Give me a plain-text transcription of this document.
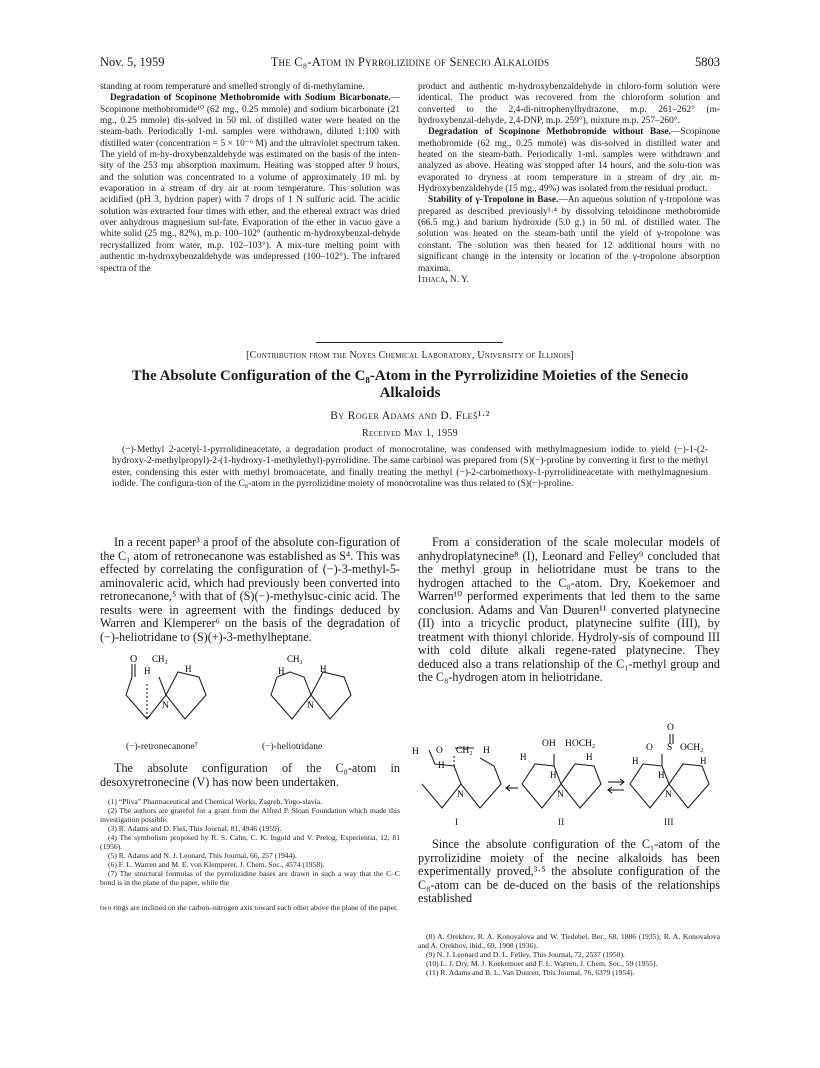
Nov. 5, 1959	The C₈-Atom in Pyrrolizidine of Senecio Alkaloids	5803

standing at room temperature and smelled strongly of di-methylamine.

Degradation of Scopinone Methobromide with Sodium Bicarbonate.—Scopinone methobromide¹⁰ (62 mg., 0.25 mmole) and sodium bicarbonate (21 mg., 0.25 mmole) dis-solved in 50 ml. of distilled water were heated on the steam-bath. Periodically 1-ml. samples were withdrawn, diluted 1:100 with distilled water (concentration = 5 × 10⁻⁶ M) and the ultraviolet spectrum taken. The yield of m-hy-droxybenzaldehyde was estimated on the basis of the inten-sity of the 253 mμ absorption maximum. Heating was stopped after 9 hours, and the solution was concentrated to a volume of approximately 10 ml. by evaporation in a stream of dry air at room temperature. This solution was acidified (pH 3, hydrion paper) with 7 drops of 1 N sulfuric acid. The acidic solution was extracted four times with ether, and the ethereal extract was dried over anhydrous magnesium sul-fate. Evaporation of the ether in vacuo gave a white solid (25 mg., 82%), m.p. 100–102° (authentic m-hydroxybenzal-dehyde recrystallized from water, m.p. 102–103°). A mix-ture melting point with authentic m-hydroxybenzaldehyde was undepressed (100–102°). The infrared spectra of the

product and authentic m-hydroxybenzaldehyde in chloro-form solution were identical. The product was recovered from the chloroform solution and converted to the 2,4-di-nitrophenylhydrazone, m.p. 261–262° (m-hydroxybenzal-dehyde, 2,4-DNP, m.p. 259°), mixture m.p. 257–260°.

Degradation of Scopinone Methobromide without Base.—Scopinone methobromide (62 mg., 0.25 mmole) was dis-solved in distilled water and heated on the steam-bath. Periodically 1-ml. samples were withdrawn and analyzed as above. Heating was stopped after 14 hours, and the solu-tion was evaporated to dryness at room temperature in a stream of dry air. m-Hydroxybenzaldehyde (15 mg., 49%) was isolated from the residual product.

Stability of γ-Tropolone in Base.—An aqueous solution of γ-tropolone was prepared as described previously¹·⁴ by dissolving teloidinone methobromide (66.5 mg.) and barium hydroxide (5.0 g.) in 50 ml. of distilled water. The solution was heated on the steam-bath until the yield of γ-tropolone was constant. The solution was then heated for 12 additional hours with no significant change in the intensity or location of the γ-tropolone absorption maxima.

Ithaca, N. Y.

[Contribution from the Noyes Chemical Laboratory, University of Illinois]
The Absolute Configuration of the C₈-Atom in the Pyrrolizidine Moieties of the Senecio Alkaloids
By Roger Adams and D. Fleš¹·²
Received May 1, 1959
(−)-Methyl 2-acetyl-1-pyrrolidineacetate, a degradation product of monocrotaline, was condensed with methylmagnesium iodide to yield (−)-1-(2-hydroxy-2-methylpropyl)-2-(1-hydroxy-1-methylethyl)-pyrrolidine. The same carbinol was prepared from (S)(−)-proline by converting it first to the methyl ester, condensing this ester with methyl bromoacetate, and finally treating the methyl (−)-2-carbomethoxy-1-pyrrolidineacetate with methylmagnesium iodide. The configura-tion of the C₈-atom in the pyrrolizidine moiety of monocrotaline was thus related to (S)(−)-proline.
In a recent paper³ a proof of the absolute con-figuration of the C₁ atom of retronecanone was established as S⁴. This was effected by correlating the configuration of (−)-3-methyl-5-aminovaleric acid, which had previously been converted into retronecanone,⁵ with that of (S)(−)-methylsuc-cinic acid. The results were in agreement with the findings deduced by Warren and Klemperer⁶ on the basis of the degradation of (−)-heliotridane to (S)(+)-3-methylheptane.
O CH₃
H	H
N
CH₃
H	H
N
(−)-retronecanone⁷	(−)-heliotridane
The absolute configuration of the C₈-atom in desoxyretronecine (V) has now been undertaken.

(1) “Pliva” Pharmaceutical and Chemical Works, Zagreb, Yugo-slavia.

(2) The authors are grateful for a grant from the Alfred P. Sloan Foundation which made this investigation possible.

(3) R. Adams and D. Fleš, This Journal, 81, 4946 (1959).

(4) The symbolism proposed by R. S. Cahn, C. K. Ingold and V. Prelog, Experientia, 12, 81 (1956).

(5) R. Adams and N. J. Leonard, This Journal, 66, 257 (1944).

(6) F. L. Warren and M. E. von Klemperer, J. Chem. Soc., 4574 (1958).

(7) The structural formulas of the pyrrolizidine bases are drawn in such a way that the C–C bond is in the plane of the paper, while the

two rings are inclined on the carbon–nitrogen axis toward each other above the plane of the paper.

From a consideration of the scale molecular models of anhydroplatynecine⁸ (I), Leonard and Felley⁹ concluded that the methyl group in heliotridane must be trans to the hydrogen attached to the C₈-atom. Dry, Koekemoer and Warren¹⁰ performed experiments that led them to the same conclusion. Adams and Van Duuren¹¹ converted platynecine (II) into a tricyclic product, platynecine sulfite (III), by treatment with thionyl chloride. Hydroly-sis of compound III with cold dilute alkali regene-rated platynecine. They deduced also a trans relationship of the C₁-methyl group and the C₈-hydrogen atom in heliotridane.
H O CH₂ H
H
N
OH HOCH₂
H
H
H
N
O
O S OCH₂
H
H
H
N
I	II	III
Since the absolute configuration of the C₁-atom of the pyrrolizidine moiety of the necine alkaloids has been experimentally proved,³·⁵ the absolute configuration of the C₈-atom can be de-duced on the basis of the relationships established

(8) A. Orekhov, R. A. Konovalova and W. Tiedebel, Ber., 68, 1886 (1935); R. A. Konovalova and A. Orekhov, ibid., 69, 1908 (1936).

(9) N. J. Leonard and D. L. Felley, This Journal, 72, 2537 (1950).

(10) L. J. Dry, M. J. Koekemoer and F. L. Warren, J. Chem. Soc., 59 (1955).

(11) R. Adams and B. L. Van Duuren, This Journal, 76, 6379 (1954).
